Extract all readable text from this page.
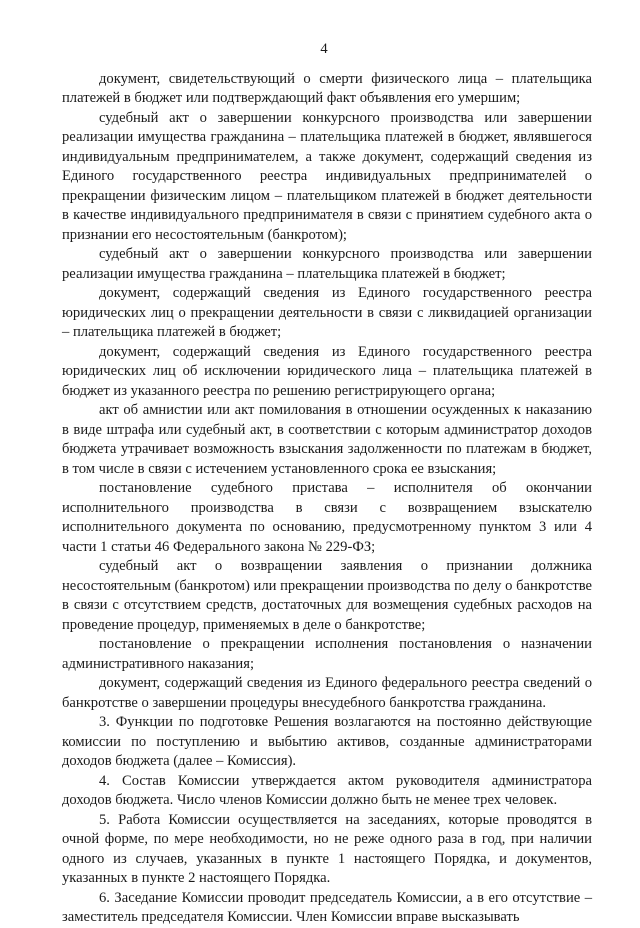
4

документ, свидетельствующий о смерти физического лица – плательщика платежей в бюджет или подтверждающий факт объявления его умершим;

судебный акт о завершении конкурсного производства или завершении реализации имущества гражданина – плательщика платежей в бюджет, являвшегося индивидуальным предпринимателем, а также документ, содержащий сведения из Единого государственного реестра индивидуальных предпринимателей о прекращении физическим лицом – плательщиком платежей в бюджет деятельности в качестве индивидуального предпринимателя в связи с принятием судебного акта о признании его несостоятельным (банкротом);

судебный акт о завершении конкурсного производства или завершении реализации имущества гражданина – плательщика платежей в бюджет;

документ, содержащий сведения из Единого государственного реестра юридических лиц о прекращении деятельности в связи с ликвидацией организации – плательщика платежей в бюджет;

документ, содержащий сведения из Единого государственного реестра юридических лиц об исключении юридического лица – плательщика платежей в бюджет из указанного реестра по решению регистрирующего органа;

акт об амнистии или акт помилования в отношении осужденных к наказанию в виде штрафа или судебный акт, в соответствии с которым администратор доходов бюджета утрачивает возможность взыскания задолженности по платежам в бюджет, в том числе в связи с истечением установленного срока ее взыскания;

постановление судебного пристава – исполнителя об окончании исполнительного производства в связи с возвращением взыскателю исполнительного документа по основанию, предусмотренному пунктом 3 или 4 части 1 статьи 46 Федерального закона № 229-ФЗ;

судебный акт о возвращении заявления о признании должника несостоятельным (банкротом) или прекращении производства по делу о банкротстве в связи с отсутствием средств, достаточных для возмещения судебных расходов на проведение процедур, применяемых в деле о банкротстве;

постановление о прекращении исполнения постановления о назначении административного наказания;

документ, содержащий сведения из Единого федерального реестра сведений о банкротстве о завершении процедуры внесудебного банкротства гражданина.

3. Функции по подготовке Решения возлагаются на постоянно действующие комиссии по поступлению и выбытию активов, созданные администраторами доходов бюджета (далее – Комиссия).

4. Состав Комиссии утверждается актом руководителя администратора доходов бюджета. Число членов Комиссии должно быть не менее трех человек.

5. Работа Комиссии осуществляется на заседаниях, которые проводятся в очной форме, по мере необходимости, но не реже одного раза в год, при наличии одного из случаев, указанных в пункте 1 настоящего Порядка, и документов, указанных в пункте 2 настоящего Порядка.

6. Заседание Комиссии проводит председатель Комиссии, а в его отсутствие – заместитель председателя Комиссии. Член Комиссии вправе высказывать
